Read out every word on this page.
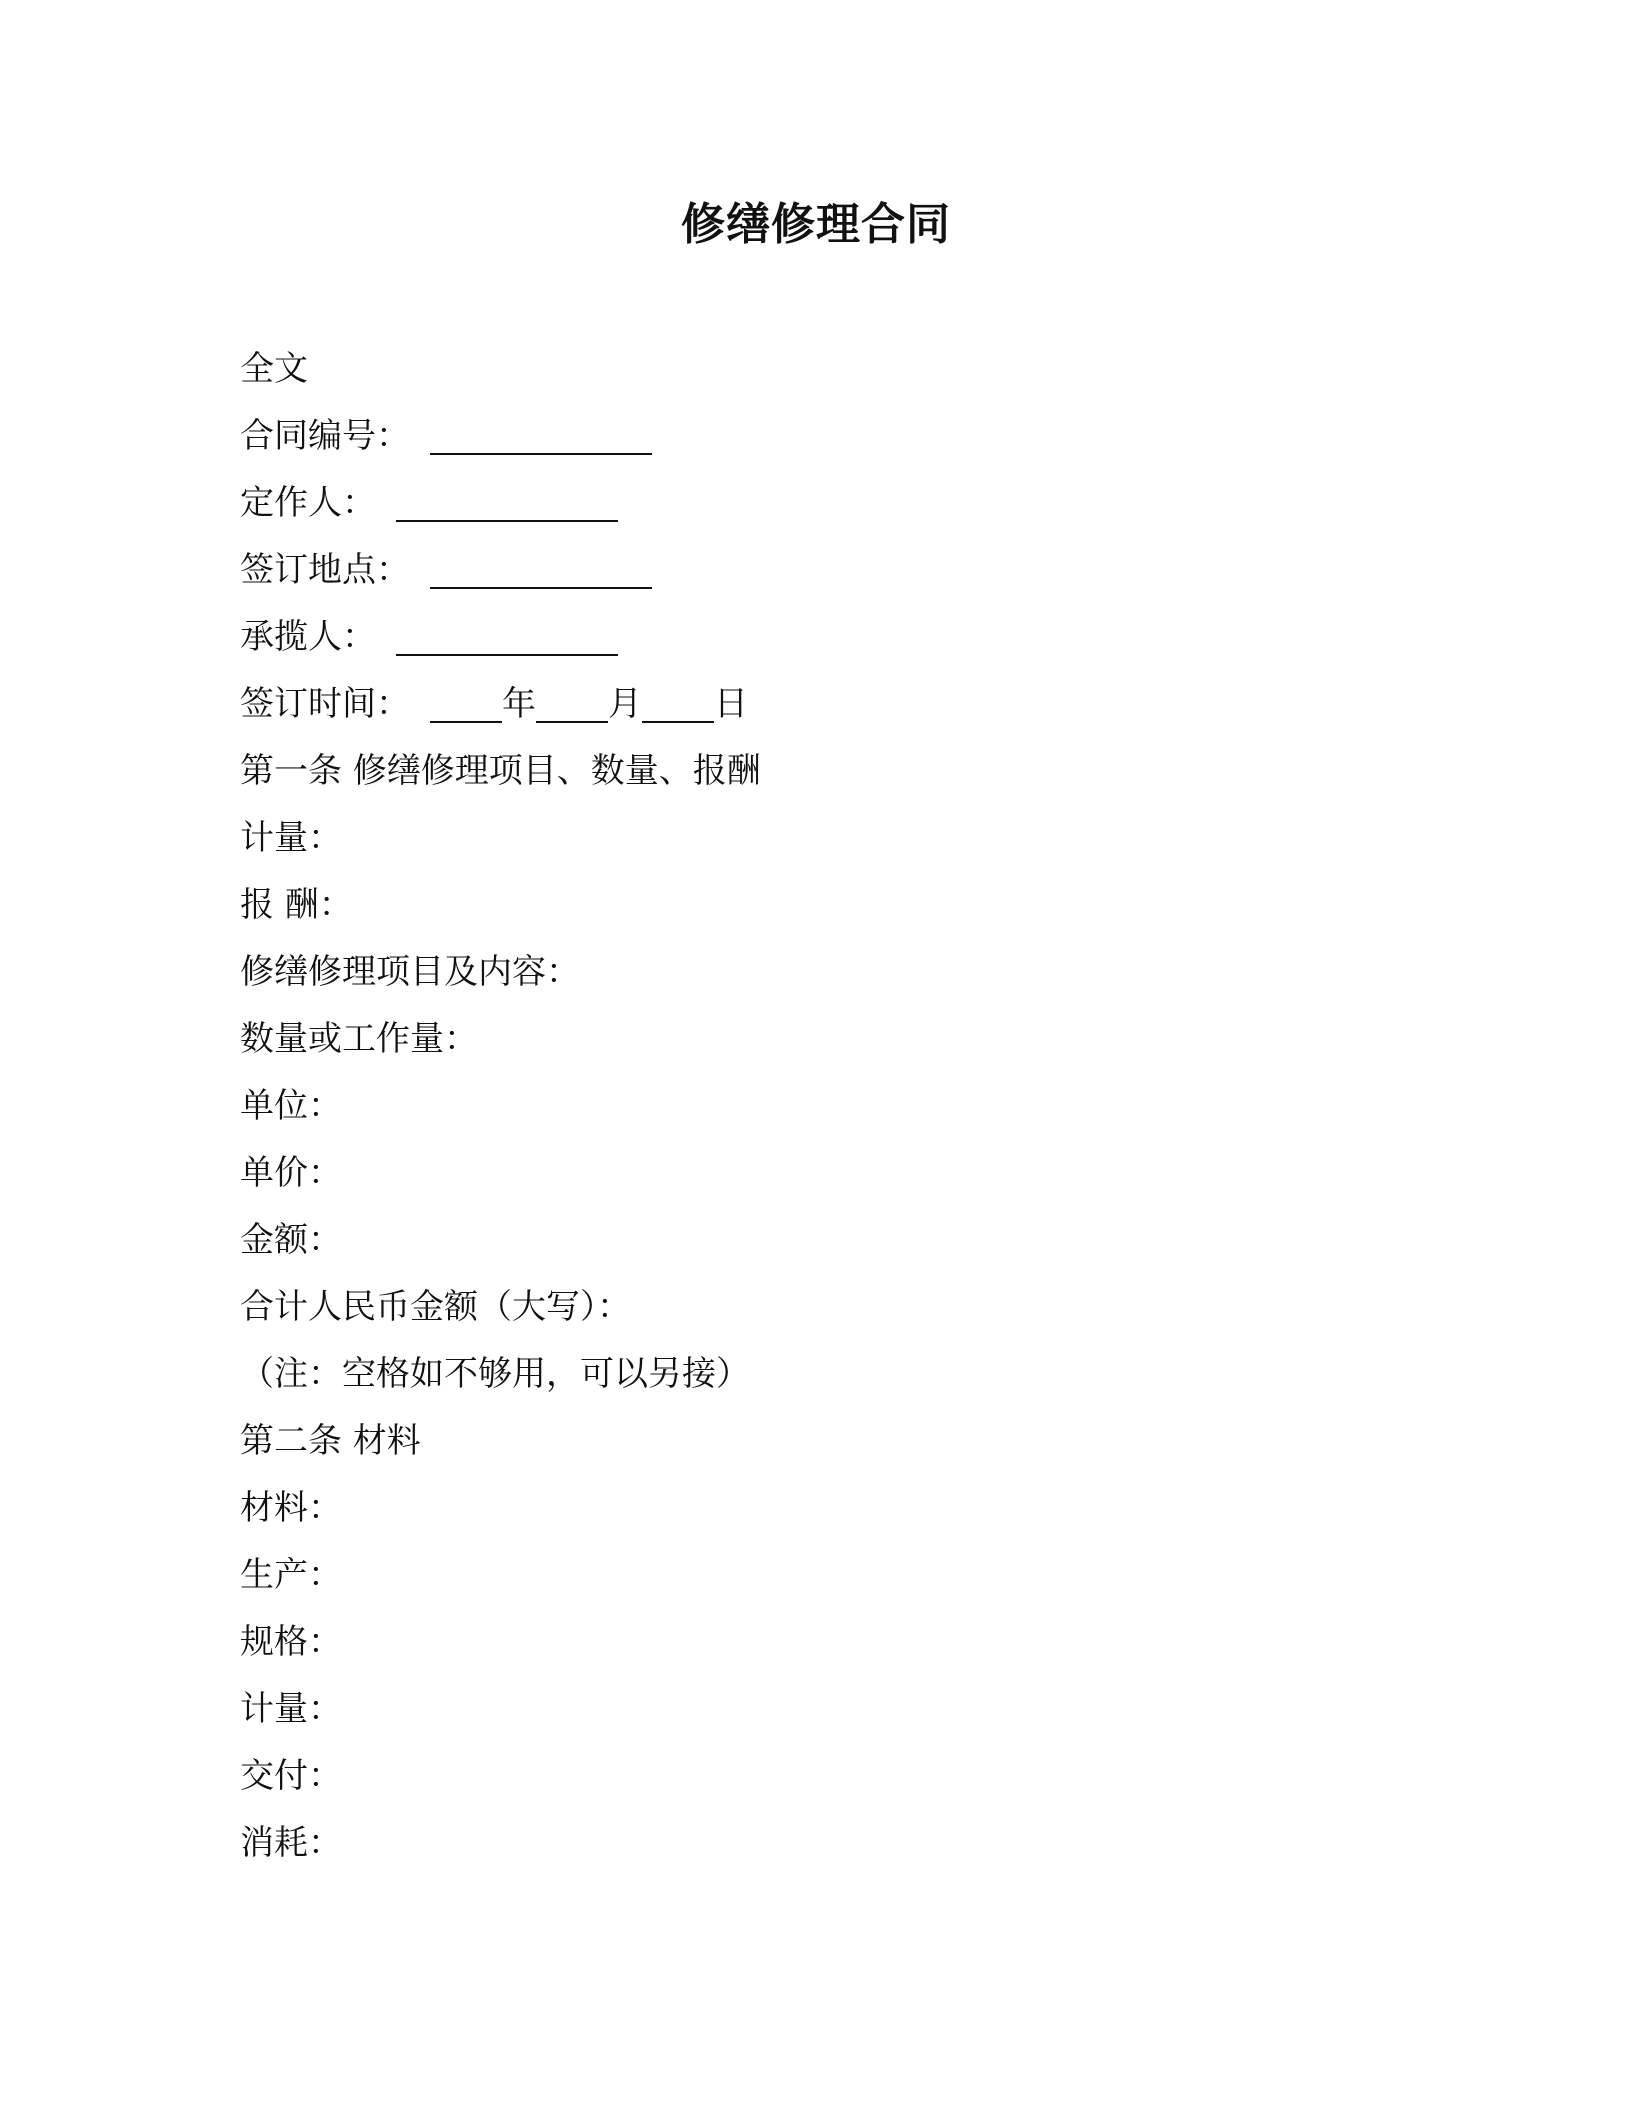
修缮修理合同
全文
合同编号：
定作人：
签订地点：
承揽人：
签订时间：	年 月 日
第一条 修缮修理项目、数量、报酬
计量：
报 酬：
修缮修理项目及内容：
数量或工作量：
单位：
单价：
金额：
合计人民币金额（大写）：
（注：空格如不够用，可以另接）
第二条 材料
材料：
生产：
规格：
计量：
交付：
消耗：
